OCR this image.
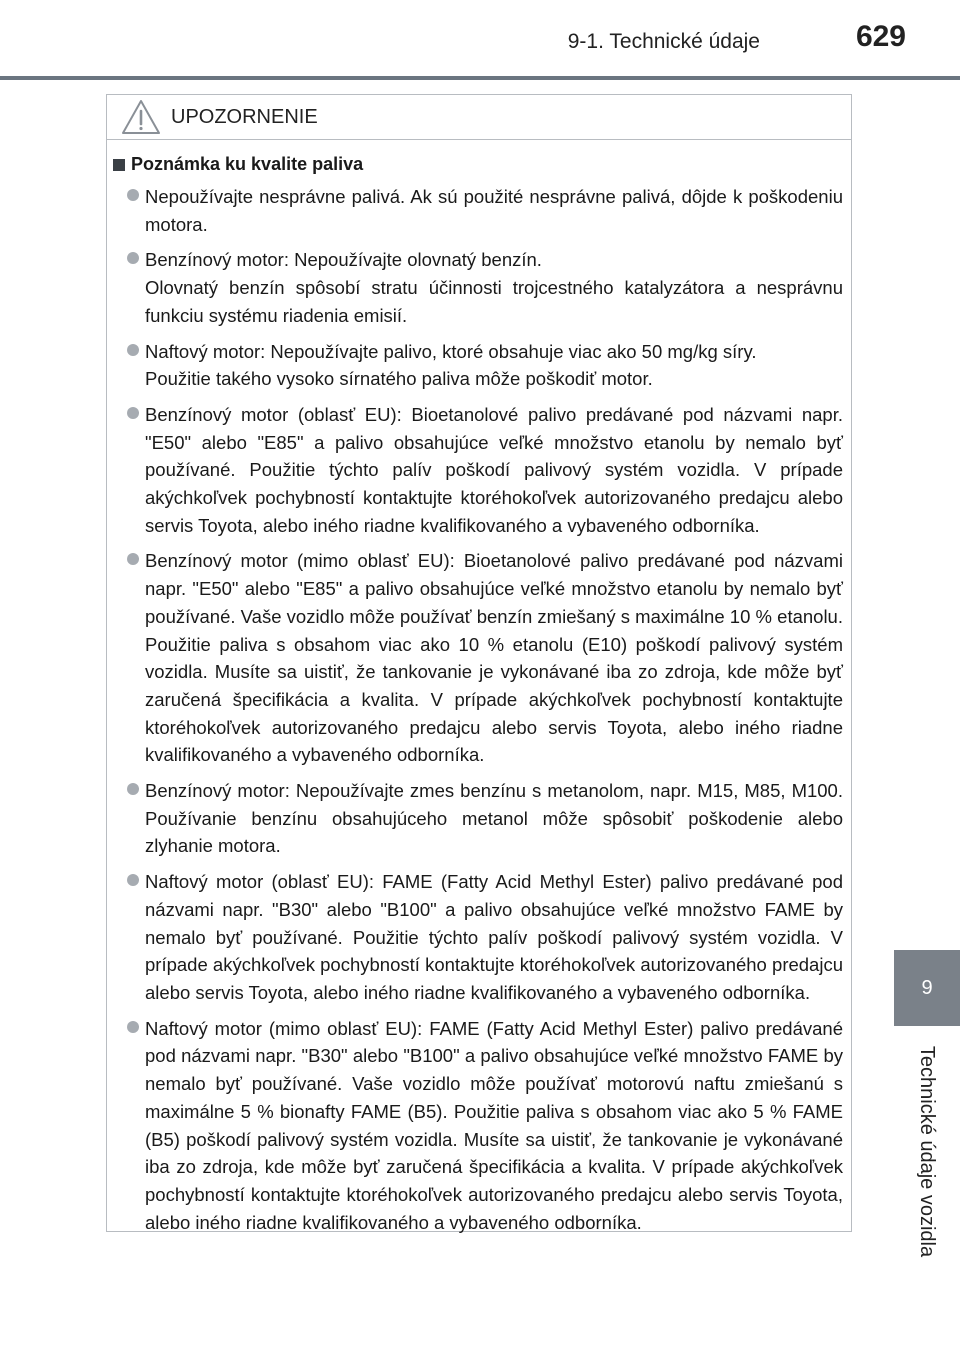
9-1. Technické údaje	629
9
Technické údaje vozidla
UPOZORNENIE
Poznámka ku kvalite paliva
Nepoužívajte nesprávne palivá. Ak sú použité nesprávne palivá, dôjde k poškodeniu motora.
Benzínový motor: Nepoužívajte olovnatý benzín.
Olovnatý benzín spôsobí stratu účinnosti trojcestného katalyzátora a nesprávnu funkciu systému riadenia emisií.
Naftový motor: Nepoužívajte palivo, ktoré obsahuje viac ako 50 mg/kg síry.
Použitie takého vysoko sírnatého paliva môže poškodiť motor.
Benzínový motor (oblasť EU): Bioetanolové palivo predávané pod názvami napr. "E50" alebo "E85" a palivo obsahujúce veľké množstvo etanolu by nemalo byť používané. Použitie týchto palív poškodí palivový systém vozidla. V prípade akýchkoľvek pochybností kontaktujte ktoréhokoľvek autorizovaného predajcu alebo servis Toyota, alebo iného riadne kvalifikovaného a vybaveného odborníka.
Benzínový motor (mimo oblasť EU): Bioetanolové palivo predávané pod názvami napr. "E50" alebo "E85" a palivo obsahujúce veľké množstvo etanolu by nemalo byť používané. Vaše vozidlo môže používať benzín zmiešaný s maximálne 10 % etanolu. Použitie paliva s obsahom viac ako 10 % etanolu (E10) poškodí palivový systém vozidla. Musíte sa uistiť, že tankovanie je vykonávané iba zo zdroja, kde môže byť zaručená špecifikácia a kvalita. V prípade akýchkoľvek pochybností kontaktujte ktoréhokoľvek autorizovaného predajcu alebo servis Toyota, alebo iného riadne kvalifikovaného a vybaveného odborníka.
Benzínový motor: Nepoužívajte zmes benzínu s metanolom, napr. M15, M85, M100. Používanie benzínu obsahujúceho metanol môže spôsobiť poškodenie alebo zlyhanie motora.
Naftový motor (oblasť EU): FAME (Fatty Acid Methyl Ester) palivo predávané pod názvami napr. "B30" alebo "B100" a palivo obsahujúce veľké množstvo FAME by nemalo byť používané. Použitie týchto palív poškodí palivový systém vozidla. V prípade akýchkoľvek pochybností kontaktujte ktoréhokoľvek autorizovaného predajcu alebo servis Toyota, alebo iného riadne kvalifikovaného a vybaveného odborníka.
Naftový motor (mimo oblasť EU): FAME (Fatty Acid Methyl Ester) palivo predávané pod názvami napr. "B30" alebo "B100" a palivo obsahujúce veľké množstvo FAME by nemalo byť používané. Vaše vozidlo môže používať motorovú naftu zmiešanú s maximálne 5 % bionafty FAME (B5). Použitie paliva s obsahom viac ako 5 % FAME (B5) poškodí palivový systém vozidla. Musíte sa uistiť, že tankovanie je vykonávané iba zo zdroja, kde môže byť zaručená špecifikácia a kvalita. V prípade akýchkoľvek pochybností kontaktujte ktoréhokoľvek autorizovaného predajcu alebo servis Toyota, alebo iného riadne kvalifikovaného a vybaveného odborníka.
